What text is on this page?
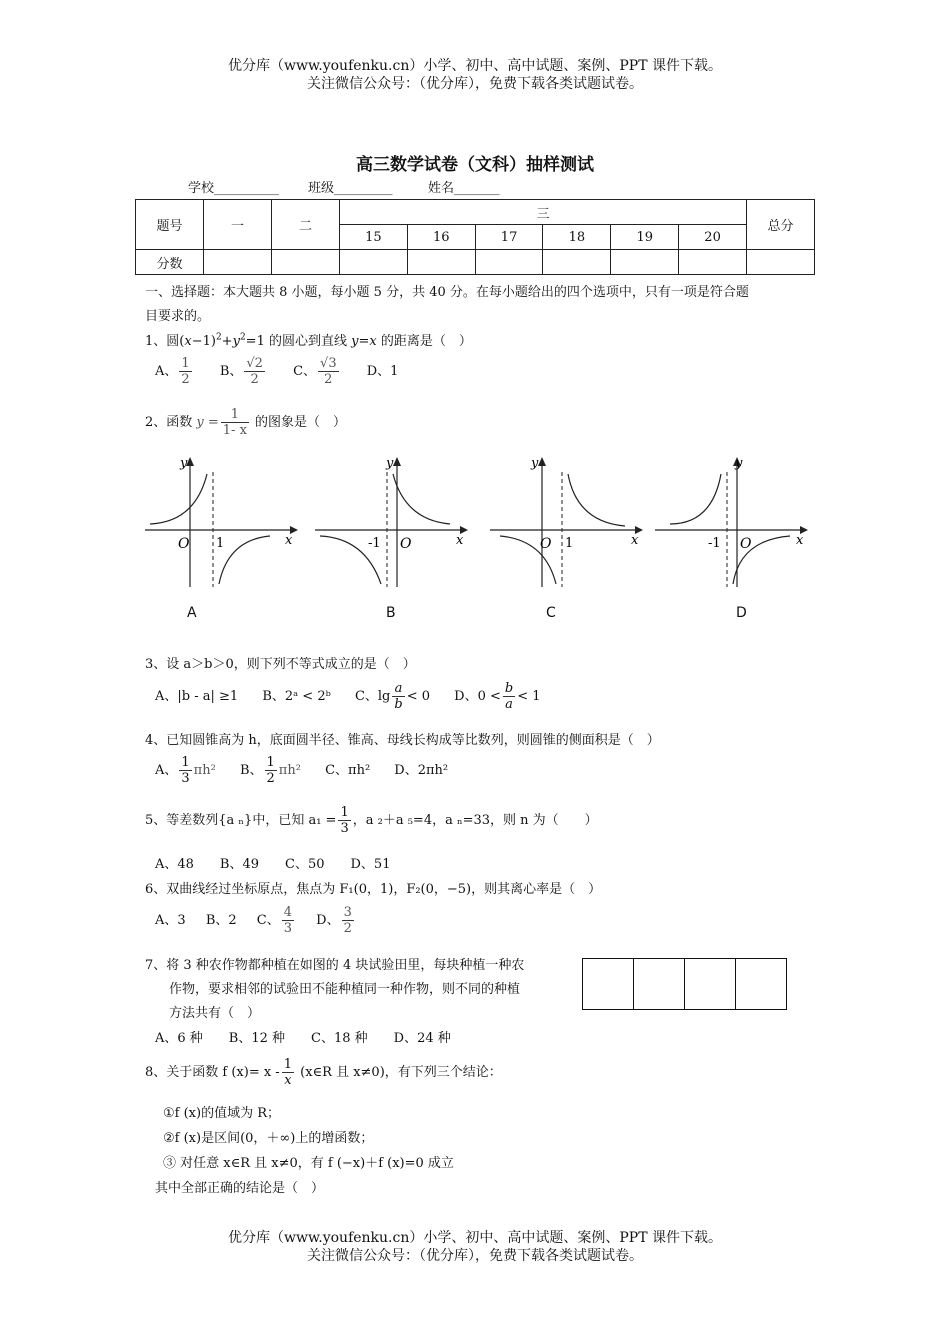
优分库（www.youfenku.cn）小学、初中、高中试题、案例、PPT 课件下载。
关注微信公众号：（优分库），免费下载各类试题试卷。
高三数学试卷（文科）抽样测试
学校__________ 班级_________	姓名_______
题号	一	二	三						总分
			15	16	17	18	19	20	
分数									
一、选择题：本大题共 8 小题，每小题 5 分，共 40 分。在每小题给出的四个选项中，只有一项是符合题
目要求的。
1、圆$(x-1)^2+y^2=1$ 的圆心到直线 y=x 的距离是（　）
A、 $\frac{1}{2}$ B、 $\frac{√2}{2}$ C、 $\frac{√3}{2}$ D、1
2、函数 $y = \frac{1}{1- x}$ 的图象是（　）
O 1
y
x	O
-1
y
x	O 1
y
x	O
-1
y
x
A	B	C	D
3、设 a＞b＞0，则下列不等式成立的是（　）
A、|b - a| ≥1 B、2ᵃ < 2ᵇ C、$\lg \frac{a}{b} < 0$ D、$0 < \frac{b}{a} < 1$
4、已知圆锥高为 h，底面圆半径、锥高、母线长构成等比数列，则圆锥的侧面积是（　）
A、 $\frac{1}{3} \pi h^2$ B、 $\frac{1}{2} \pi h^2$ C、πh² D、2πh²
5、等差数列{a ₙ}中，已知 $a_1 = \frac{1}{3}$ ，a ₂＋a ₅=4，a ₙ=33，则 n 为（　　）
A、48　　B、49　　C、50　　D、51
6、双曲线经过坐标原点，焦点为 F₁(0，1)，F₂(0，−5)，则其离心率是（　）
A、3 B、2 C、 $\frac{4}{3}$ D、 $\frac{3}{2}$
7、将 3 种农作物都种植在如图的 4 块试验田里，每块种植一种农
作物，要求相邻的试验田不能种植同一种作物，则不同的种植
方法共有（　）
A、6 种　　B、12 种　　C、18 种　　D、24 种
8、关于函数 f $(x)= x - \frac{1}{x}$ (x∈R 且 x≠0)，有下列三个结论：
①f (x)的值域为 R；
②f (x)是区间(0，＋∞)上的增函数；
③ 对任意 x∈R 且 x≠0，有 f (−x)＋f (x)=0 成立
其中全部正确的结论是（　）
优分库（www.youfenku.cn）小学、初中、高中试题、案例、PPT 课件下载。
关注微信公众号：（优分库），免费下载各类试题试卷。
